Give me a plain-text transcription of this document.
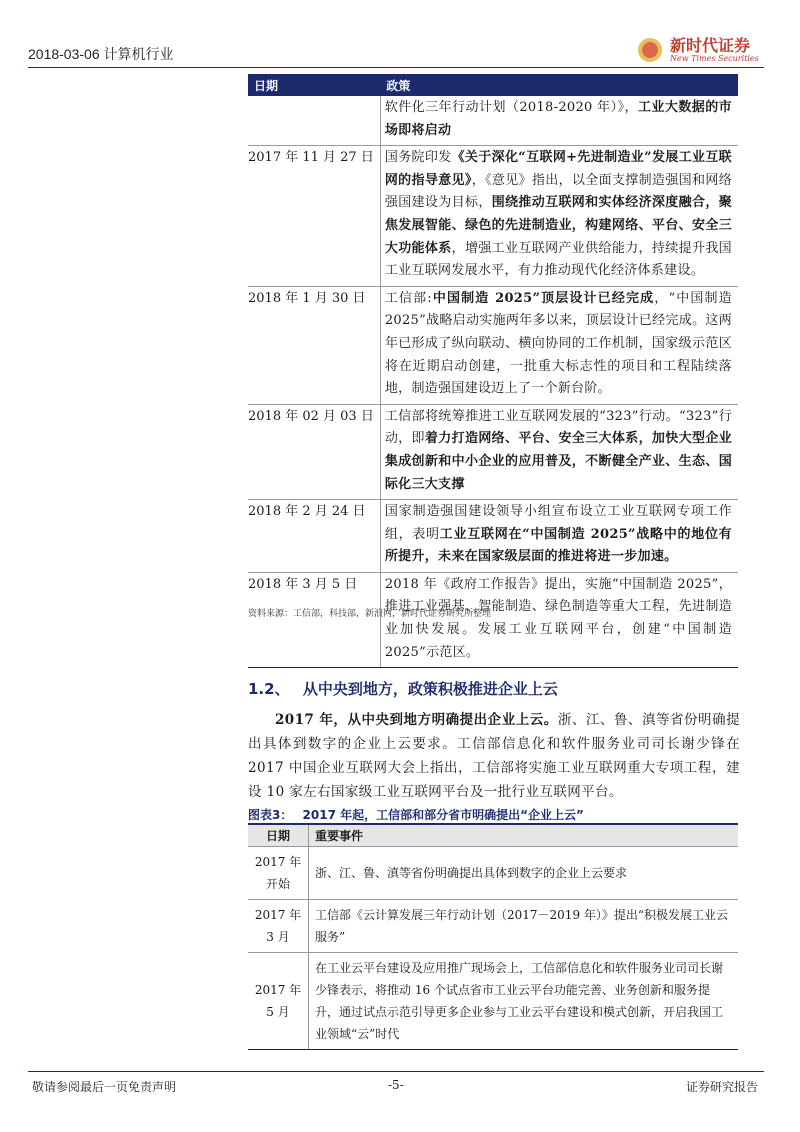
2018-03-06 计算机行业	新时代证券
New Times Securities
日期	政策
	软件化三年行动计划（2018-2020 年）》，工业大数据的市场即将启动
2017 年 11 月 27 日	国务院印发《关于深化“互联网+先进制造业”发展工业互联网的指导意见》，《意见》指出，以全面支撑制造强国和网络强国建设为目标，围绕推动互联网和实体经济深度融合，聚焦发展智能、绿色的先进制造业，构建网络、平台、安全三大功能体系，增强工业互联网产业供给能力，持续提升我国工业互联网发展水平，有力推动现代化经济体系建设。
2018 年 1 月 30 日	工信部:中国制造 2025”顶层设计已经完成，“中国制造 2025”战略启动实施两年多以来，顶层设计已经完成。这两年已形成了纵向联动、横向协同的工作机制，国家级示范区将在近期启动创建，一批重大标志性的项目和工程陆续落地，制造强国建设迈上了一个新台阶。
2018 年 02 月 03 日	工信部将统筹推进工业互联网发展的“323”行动。“323”行动，即着力打造网络、平台、安全三大体系，加快大型企业集成创新和中小企业的应用普及，不断健全产业、生态、国际化三大支撑
2018 年 2 月 24 日	国家制造强国建设领导小组宣布设立工业互联网专项工作组，表明工业互联网在“中国制造 2025”战略中的地位有所提升，未来在国家级层面的推进将进一步加速。
2018 年 3 月 5 日	2018 年《政府工作报告》提出，实施“中国制造 2025”，推进工业强基、智能制造、绿色制造等重大工程，先进制造业加快发展。发展工业互联网平台，创建“中国制造 2025”示范区。
资料来源：工信部，科技部，新浪网，新时代证券研究所整理
1.2、 从中央到地方，政策积极推进企业上云
2017 年，从中央到地方明确提出企业上云。浙、江、鲁、滇等省份明确提出具体到数字的企业上云要求。工信部信息化和软件服务业司司长谢少锋在 2017 中国企业互联网大会上指出，工信部将实施工业互联网重大专项工程，建设 10 家左右国家级工业互联网平台及一批行业互联网平台。
图表3： 2017 年起，工信部和部分省市明确提出“企业上云”
日期	重要事件
2017 年开始	浙、江、鲁、滇等省份明确提出具体到数字的企业上云要求
2017 年 3 月	工信部《云计算发展三年行动计划（2017－2019 年）》提出“积极发展工业云服务”
2017 年 5 月	在工业云平台建设及应用推广现场会上，工信部信息化和软件服务业司司长谢少锋表示，将推动 16 个试点省市工业云平台功能完善、业务创新和服务提升，通过试点示范引导更多企业参与工业云平台建设和模式创新，开启我国工业领域“云”时代
敬请参阅最后一页免责声明	-5-	证券研究报告
